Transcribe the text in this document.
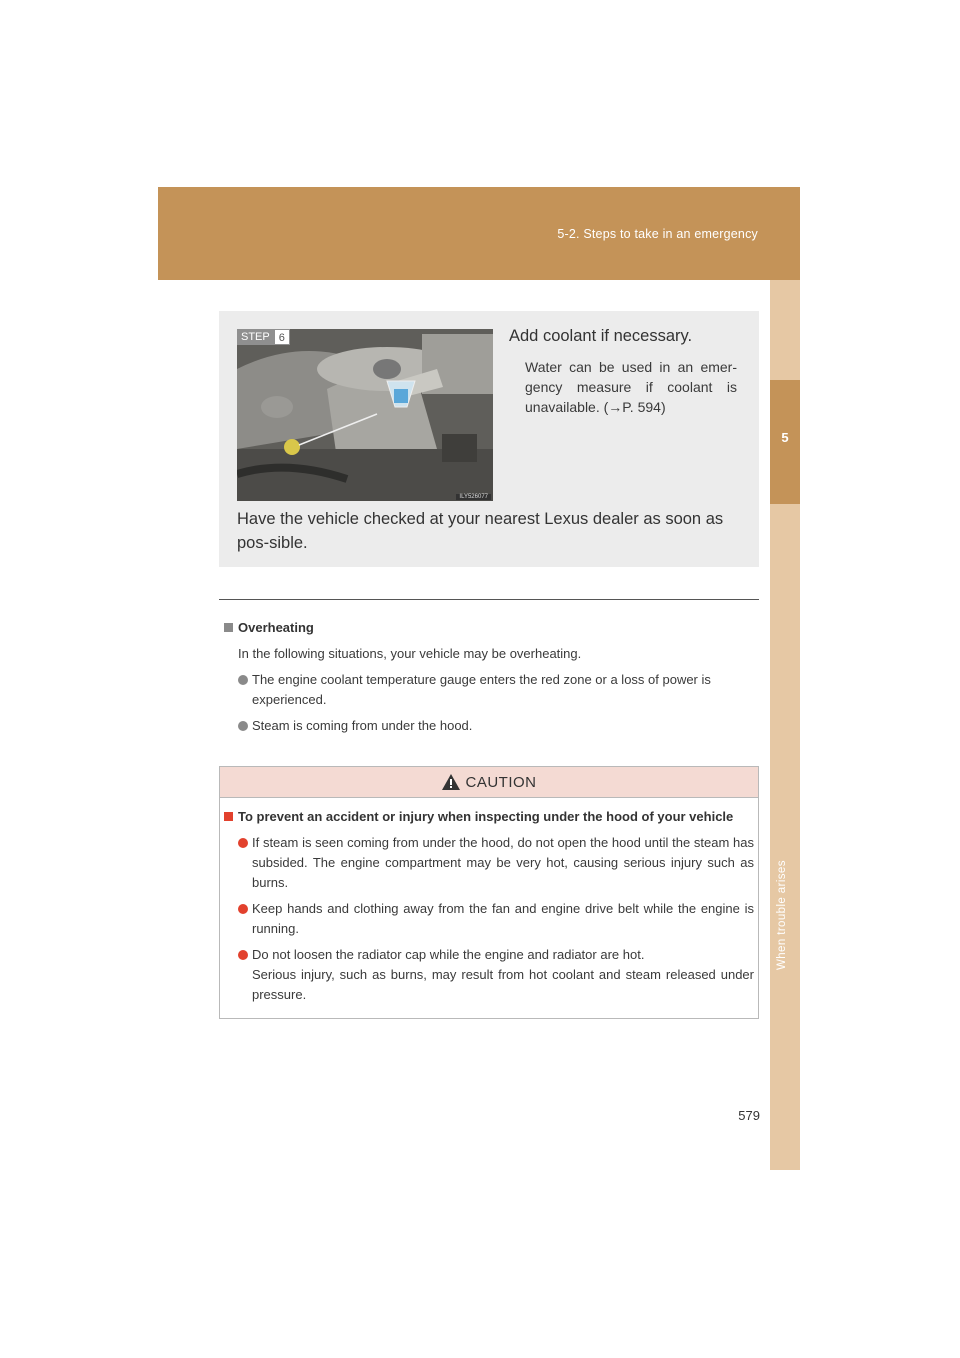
5-2. Steps to take in an emergency
5
When trouble arises
STEP 6
ILY526077
Add coolant if necessary.
Water can be used in an emer-gency measure if coolant is unavailable. (→P. 594)
Have the vehicle checked at your nearest Lexus dealer as soon as pos-sible.
Overheating
In the following situations, your vehicle may be overheating.
The engine coolant temperature gauge enters the red zone or a loss of power is experienced.
Steam is coming from under the hood.
CAUTION
To prevent an accident or injury when inspecting under the hood of your vehicle
If steam is seen coming from under the hood, do not open the hood until the steam has subsided. The engine compartment may be very hot, causing serious injury such as burns.
Keep hands and clothing away from the fan and engine drive belt while the engine is running.
Do not loosen the radiator cap while the engine and radiator are hot.
Serious injury, such as burns, may result from hot coolant and steam released under pressure.
579
